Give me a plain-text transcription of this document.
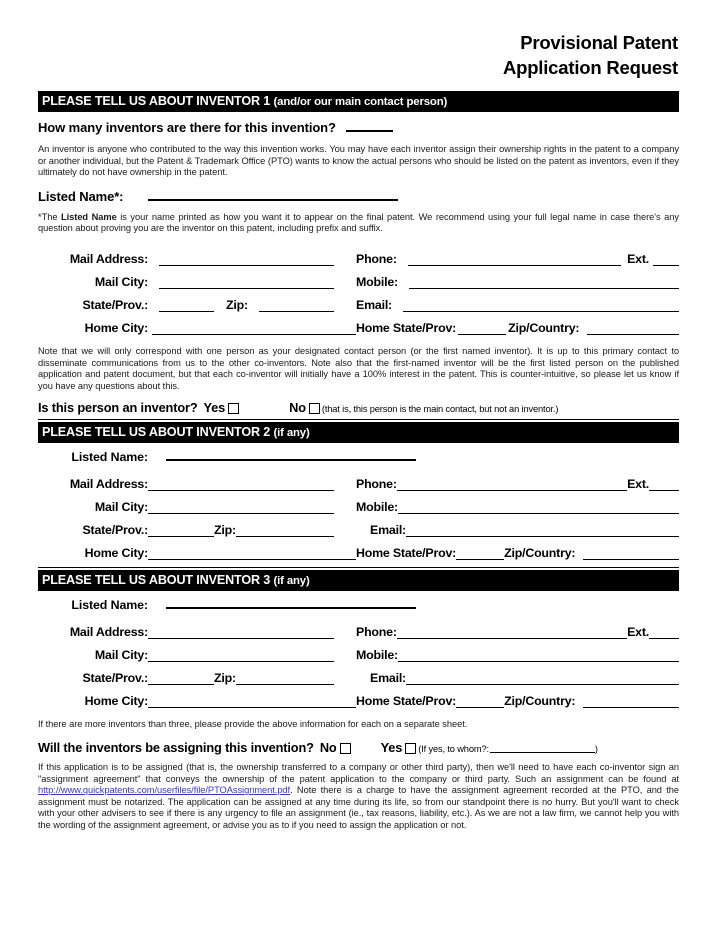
Provisional Patent
Application Request
PLEASE TELL US ABOUT INVENTOR 1 (and/or our main contact person)
How many inventors are there for this invention?
An inventor is anyone who contributed to the way this invention works. You may have each inventor assign their ownership rights in the patent to a company or another individual, but the Patent & Trademark Office (PTO) wants to know the actual persons who should be listed on the patent as inventors, even if they ultimately do not have ownership in the patent.
Listed Name*:
*The Listed Name is your name printed as how you want it to appear on the final patent. We recommend using your full legal name in case there's any question about proving you are the inventor on this patent, including prefix and suffix.
Mail Address:	Phone:	Ext.
Mail City:	Mobile:
State/Prov.:	Zip:	Email:
Home City:	Home State/Prov:	Zip/Country:
Note that we will only correspond with one person as your designated contact person (or the first named inventor). It is up to this primary contact to disseminate communications from us to the other co-inventors. Note also that the first-named inventor will be the first listed person on the published application and patent document, but that each co-inventor will initially have a 100% interest in the patent. This is counter-intuitive, so please let us know if you have any questions about this.
Is this person an inventor? Yes	No (that is, this person is the main contact, but not an inventor.)
PLEASE TELL US ABOUT INVENTOR 2 (if any)
Listed Name:
Mail Address:	Phone:	Ext.
Mail City:	Mobile:
State/Prov.:	Zip:	Email:
Home City:	Home State/Prov:	Zip/Country:
PLEASE TELL US ABOUT INVENTOR 3 (if any)
Listed Name:
Mail Address:	Phone:	Ext.
Mail City:	Mobile:
State/Prov.:	Zip:	Email:
Home City:	Home State/Prov:	Zip/Country:
If there are more inventors than three, please provide the above information for each on a separate sheet.
Will the inventors be assigning this invention? No	Yes (If yes, to whom?:	)
If this application is to be assigned (that is, the ownership transferred to a company or other third party), then we'll need to have each co-inventor sign an "assignment agreement" that conveys the ownership of the patent application to the company or third party. Such an assignment can be found at http://www.quickpatents.com/userfiles/file/PTOAssignment.pdf. Note there is a charge to have the assignment agreement recorded at the PTO, and the assignment must be notarized. The application can be assigned at any time during its life, so from our standpoint there is no hurry. But you'll want to check with your other advisers to see if there is any urgency to file an assignment (ie., tax reasons, liability, etc.). As we are not a law firm, we cannot help you with the wording of the assignment agreement, or advise you as to if you need to assign the application or not.
